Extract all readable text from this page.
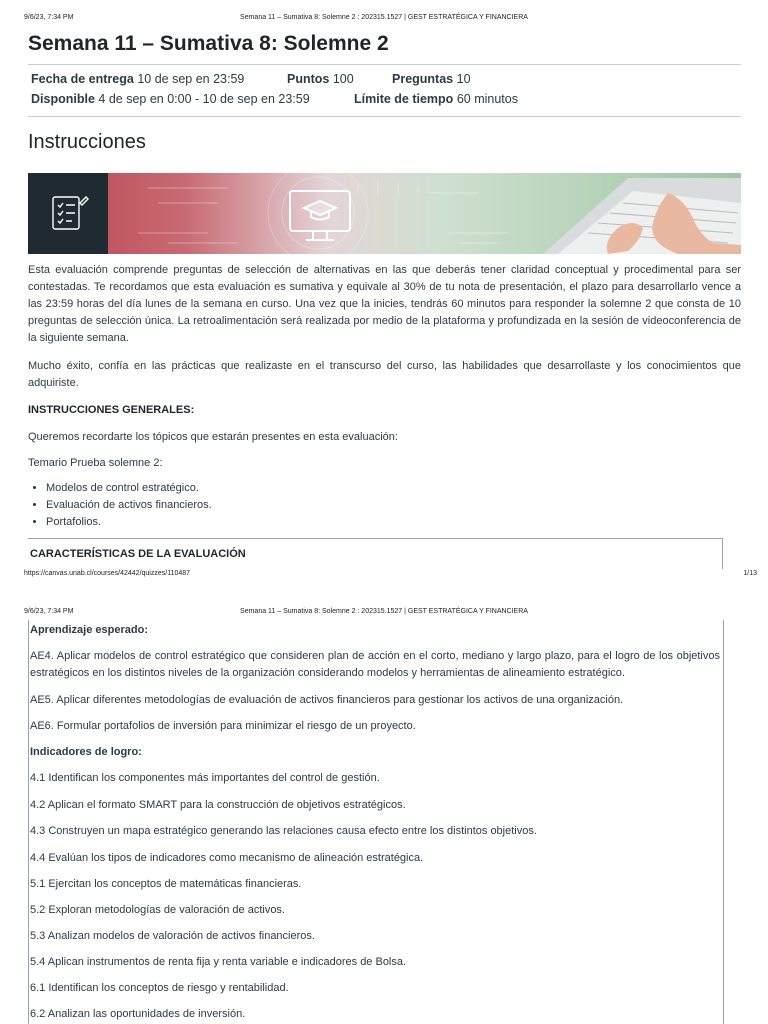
9/6/23, 7:34 PM	Semana 11 – Sumativa 8: Solemne 2 : 202315.1527 | GEST ESTRATÉGICA Y FINANCIERA
Semana 11 – Sumativa 8: Solemne 2
Fecha de entrega 10 de sep en 23:59	Puntos 100	Preguntas 10
Disponible 4 de sep en 0:00 - 10 de sep en 23:59	Límite de tiempo 60 minutos
Instrucciones

Esta evaluación comprende preguntas de selección de alternativas en las que deberás tener claridad conceptual y procedimental para ser contestadas. Te recordamos que esta evaluación es sumativa y equivale al 30% de tu nota de presentación, el plazo para desarrollarlo vence a las 23:59 horas del día lunes de la semana en curso. Una vez que la inicies, tendrás 60 minutos para responder la solemne 2 que consta de 10 preguntas de selección única. La retroalimentación será realizada por medio de la plataforma y profundizada en la sesión de videoconferencia de la siguiente semana.

Mucho éxito, confía en las prácticas que realizaste en el transcurso del curso, las habilidades que desarrollaste y los conocimientos que adquiriste.

INSTRUCCIONES GENERALES:

Queremos recordarte los tópicos que estarán presentes en esta evaluación:

Temario Prueba solemne 2:

• Modelos de control estratégico.
• Evaluación de activos financieros.
• Portafolios.
CARACTERÍSTICAS DE LA EVALUACIÓN
https://canvas.unab.cl/courses/42442/quizzes/110487	1/13
9/6/23, 7:34 PM	Semana 11 – Sumativa 8: Solemne 2 : 202315.1527 | GEST ESTRATÉGICA Y FINANCIERA

Aprendizaje esperado:

AE4. Aplicar modelos de control estratégico que consideren plan de acción en el corto, mediano y largo plazo, para el logro de los objetivos estratégicos en los distintos niveles de la organización considerando modelos y herramientas de alineamiento estratégico.

AE5. Aplicar diferentes metodologías de evaluación de activos financieros para gestionar los activos de una organización.

AE6. Formular portafolios de inversión para minimizar el riesgo de un proyecto.

Indicadores de logro:

4.1 Identifican los componentes más importantes del control de gestión.

4.2 Aplican el formato SMART para la construcción de objetivos estratégicos.

4.3 Construyen un mapa estratégico generando las relaciones causa efecto entre los distintos objetivos.

4.4 Evalúan los tipos de indicadores como mecanismo de alineación estratégica.

5.1 Ejercitan los conceptos de matemáticas financieras.

5.2 Exploran metodologías de valoración de activos.

5.3 Analizan modelos de valoración de activos financieros.

5.4 Aplican instrumentos de renta fija y renta variable e indicadores de Bolsa.

6.1 Identifican los conceptos de riesgo y rentabilidad.

6.2 Analizan las oportunidades de inversión.
